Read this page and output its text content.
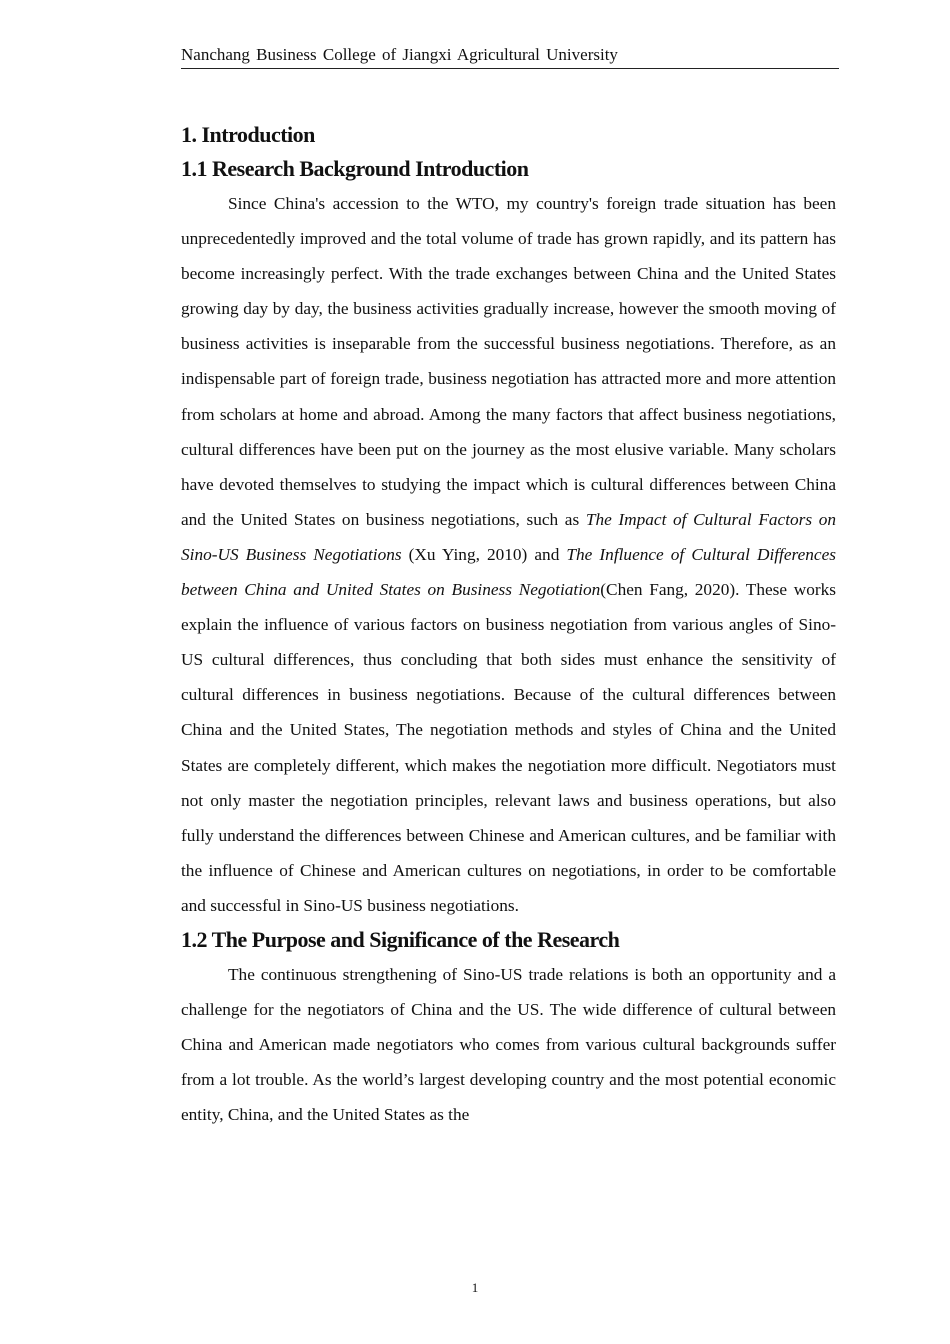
Nanchang Business College of Jiangxi Agricultural University
1. Introduction
1.1 Research Background Introduction

Since China's accession to the WTO, my country's foreign trade situation has been unprecedentedly improved and the total volume of trade has grown rapidly, and its pattern has become increasingly perfect. With the trade exchanges between China and the United States growing day by day, the business activities gradually increase, however the smooth moving of business activities is inseparable from the successful business negotiations. Therefore, as an indispensable part of foreign trade, business negotiation has attracted more and more attention from scholars at home and abroad. Among the many factors that affect business negotiations, cultural differences have been put on the journey as the most elusive variable. Many scholars have devoted themselves to studying the impact which is cultural differences between China and the United States on business negotiations, such as The Impact of Cultural Factors on Sino-US Business Negotiations (Xu Ying, 2010) and The Influence of Cultural Differences between China and United States on Business Negotiation(Chen Fang, 2020). These works explain the influence of various factors on business negotiation from various angles of Sino-US cultural differences, thus concluding that both sides must enhance the sensitivity of cultural differences in business negotiations. Because of the cultural differences between China and the United States, The negotiation methods and styles of China and the United States are completely different, which makes the negotiation more difficult. Negotiators must not only master the negotiation principles, relevant laws and business operations, but also fully understand the differences between Chinese and American cultures, and be familiar with the influence of Chinese and American cultures on negotiations, in order to be comfortable and successful in Sino-US business negotiations.

1.2 The Purpose and Significance of the Research

The continuous strengthening of Sino-US trade relations is both an opportunity and a challenge for the negotiators of China and the US. The wide difference of cultural between China and American made negotiators who comes from various cultural backgrounds suffer from a lot trouble. As the world’s largest developing country and the most potential economic entity, China, and the United States as the

1
